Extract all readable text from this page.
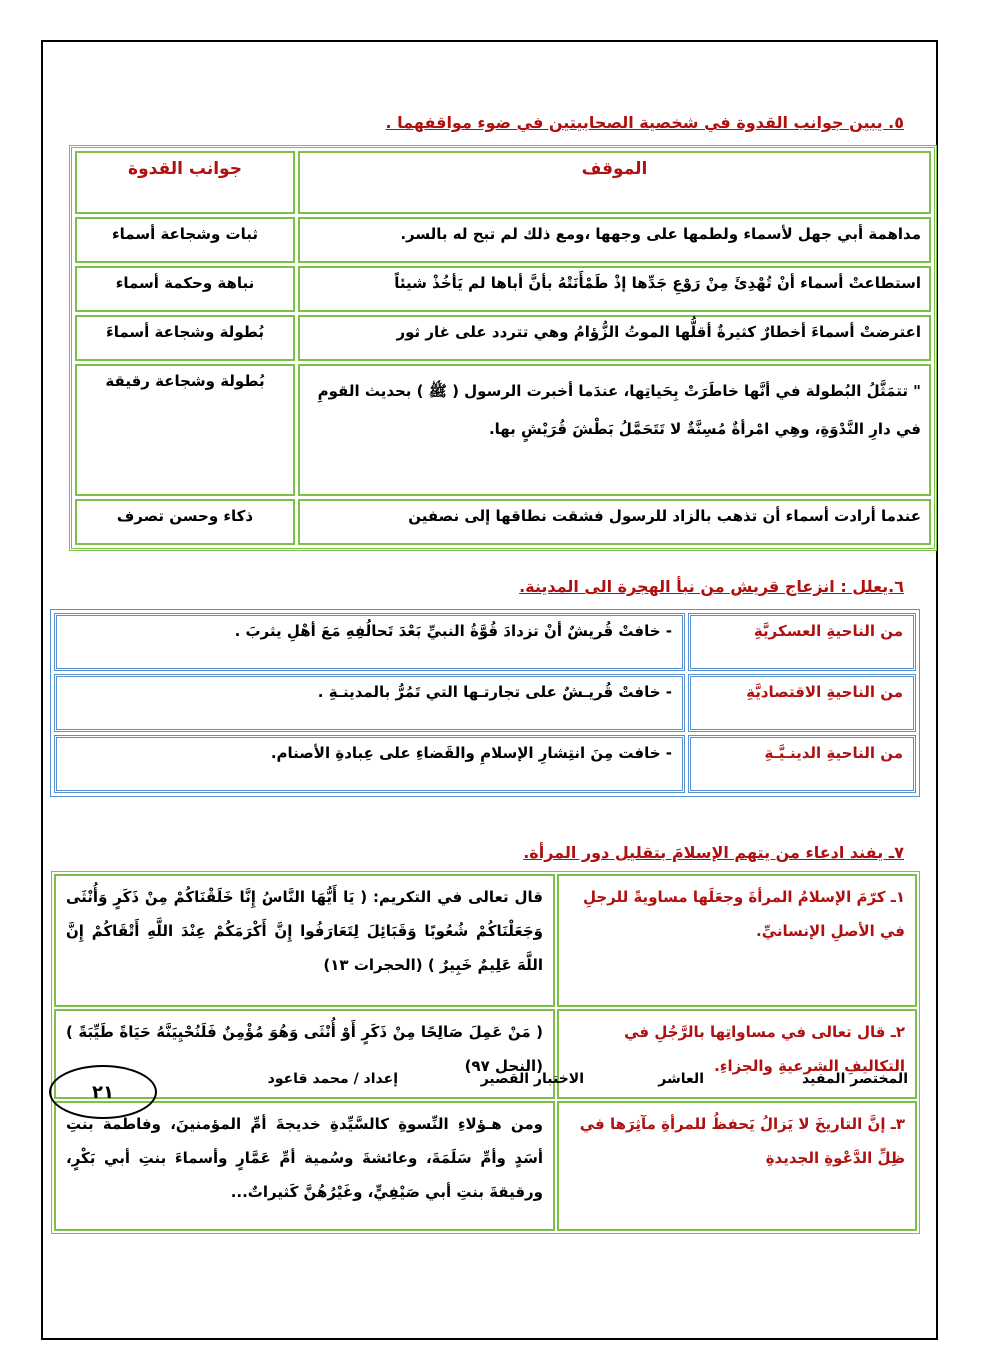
٥. يبين جوانب القدوة في شخصية الصحابيتين في ضوء مواقفهما .
الموقف	جوانب القدوة
مداهمة أبي جهل لأسماء ولطمها على وجهها ،ومع ذلك لم تبح له بالسر.	ثبات وشجاعة أسماء
استطاعتْ أسماء أنْ تُهْدِئَ مِنْ رَوْعِ جَدِّها إذْ طَمْأَنَتْهُ بأنَّ أباها لم يَأخُذْ شيئاً	نباهة وحكمة أسماء
اعترضتْ أسماءَ أخطارٌ كثيرةٌ أقلُّها الموتُ الزُّؤامُ وهي تتردد على غار ثور	بُطولة وشجاعة أسماءَ
" تتمَثَّلُ البُطولة في أنَّها خاطَرَتْ بِحَياتِها، عندَما أخبرت الرسول ( ﷺ ) بحديث القومِ في دارِ النَّدْوَةِ، وهِي امْرأةٌ مُسِنَّةٌ لا تَتَحَمَّلُ بَطْشَ قُرَيْشٍ بها.	بُطولة وشجاعة رقيقة
عندما أرادت أسماء أن تذهب بالزاد للرسول فشقت نطاقها إلى نصفين	ذكاء وحسن تصرف
٦.يعلل : انزعاج قريش من نبأ الهجرة الى المدينة.
من الناحيةِ العسكريَّةِ	- خافتْ قُريشٌ أنْ تزدادَ قُوَّةُ النبيِّ بَعْدَ تَحالُفِهِ مَعَ أهْلِ يثربَ .
من الناحيةِ الاقتصاديَّةِ	- خافتْ قُريـشٌ على تجارتـها التي تَمُرُّ بالمدينـةِ .
من الناحيةِ الدينـيَّـةِ	- خافت مِنَ انتِشارِ الإسلامِ والقَضاءِ على عِبادةِ الأصنام.
٧ـ يفند ادعاء من يتهم الإسلامَ بتقليل دور المرأة.
١ـ كرّمَ الإسلامُ المرأةَ وجعَلَها مساويةً للرجلِ في الأصلِ الإنسانيِّ.	قال تعالى في التكريم: ( يَا أَيُّهَا النَّاسُ إِنَّا خَلَقْنَاكُمْ مِنْ ذَكَرٍ وَأُنْثَى وَجَعَلْنَاكُمْ شُعُوبًا وَقَبَائِلَ لِتَعَارَفُوا إِنَّ أَكْرَمَكُمْ عِنْدَ اللَّهِ أَتْقَاكُمْ إِنَّ اللَّهَ عَلِيمٌ خَبِيرٌ ) (الحجرات ١٣)
٢ـ قال تعالى في مساواتِها بالرَّجُلِ في التكاليفِ الشرعيةِ والجزاءِ.	( مَنْ عَمِلَ صَالِحًا مِنْ ذَكَرٍ أَوْ أُنْثَى وَهُوَ مُؤْمِنٌ فَلَنُحْيِيَنَّهُ حَيَاةً طَيِّبَةً ) (النحل ٩٧)
٣ـ إنَّ التاريخَ لا يَزالُ يَحفظُ للمرأةِ مآثِرَها في ظِلِّ الدَّعْوةِ الجديدةِ	ومن هـؤلاءِ النِّسوةِ كالسَّيِّدةِ خديجةَ أمِّ المؤمنينَ، وفاطمة بنتِ أسَدٍ وأمِّ سَلَمَةَ، وعائشةَ وسُمية أمِّ عَمَّارٍ وأسماءَ بنتِ أبي بَكْرٍ، ورقيقةَ بنتِ أبي صَيْفِيٍّ، وغَيْرُهُنَّ كَثيراتٌ...
المختصر المفيد
العاشر
الاختبار القصير
إعداد / محمد قاعود
٢١
